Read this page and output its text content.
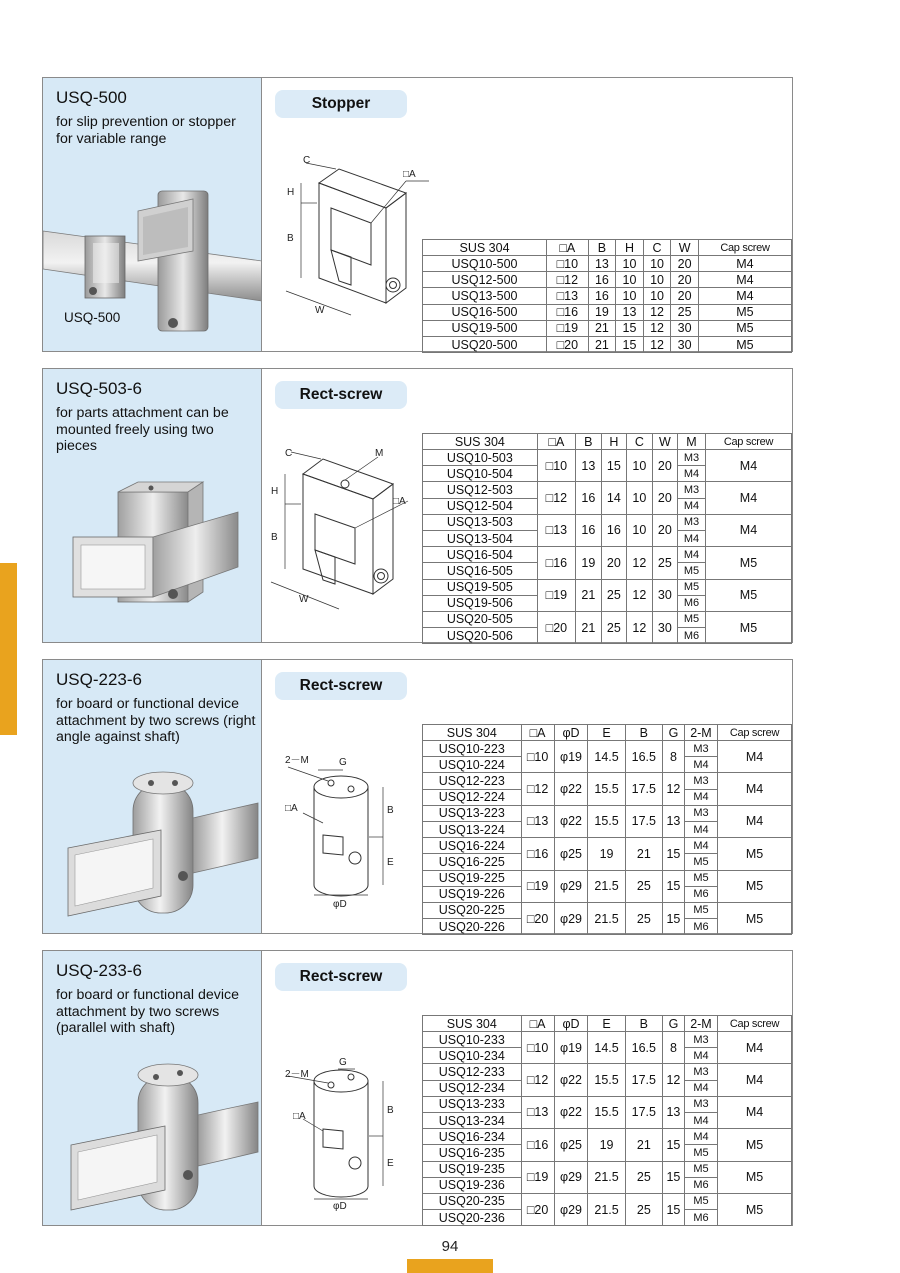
USQ-500
for slip prevention or stopper for variable range
USQ-500
Stopper
C
H
B
□A
W
SUS 304	□A	B	H	C	W	Cap screw
USQ10-500	□10	13	10	10	20	M4
USQ12-500	□12	16	10	10	20	M4
USQ13-500	□13	16	10	10	20	M4
USQ16-500	□16	19	13	12	25	M5
USQ19-500	□19	21	15	12	30	M5
USQ20-500	□20	21	15	12	30	M5
USQ-503-6
for parts attachment can be mounted freely using two pieces
Rect-screw
C	M
H
□A
B
W
SUS 304	□A	B	H	C	W	M	Cap screw
USQ10-503	□10	13	15	10	20	M3	M4
USQ10-504						M4	
USQ12-503	□12	16	14	10	20	M3	M4
USQ12-504						M4	
USQ13-503	□13	16	16	10	20	M3	M4
USQ13-504						M4	
USQ16-504	□16	19	20	12	25	M4	M5
USQ16-505						M5	
USQ19-505	□19	21	25	12	30	M5	M5
USQ19-506						M6	
USQ20-505	□20	21	25	12	30	M5	M5
USQ20-506						M6	
USQ-223-6
for board or functional device attachment by two screws (right angle against shaft)
Rect-screw
2－M	G
□A	B
E
φD
SUS 304	□A	φD	E	B	G	2-M	Cap screw
USQ10-223	□10	φ19	14.5	16.5	8	M3	M4
USQ10-224						M4	
USQ12-223	□12	φ22	15.5	17.5	12	M3	M4
USQ12-224						M4	
USQ13-223	□13	φ22	15.5	17.5	13	M3	M4
USQ13-224						M4	
USQ16-224	□16	φ25	19	21	15	M4	M5
USQ16-225						M5	
USQ19-225	□19	φ29	21.5	25	15	M5	M5
USQ19-226						M6	
USQ20-225	□20	φ29	21.5	25	15	M5	M5
USQ20-226						M6	
USQ-233-6
for board or functional device attachment by two screws (parallel with shaft)
Rect-screw
2－M
G
□A
B
E
φD
SUS 304	□A	φD	E	B	G	2-M	Cap screw
USQ10-233	□10	φ19	14.5	16.5	8	M3	M4
USQ10-234						M4	
USQ12-233	□12	φ22	15.5	17.5	12	M3	M4
USQ12-234						M4	
USQ13-233	□13	φ22	15.5	17.5	13	M3	M4
USQ13-234						M4	
USQ16-234	□16	φ25	19	21	15	M4	M5
USQ16-235						M5	
USQ19-235	□19	φ29	21.5	25	15	M5	M5
USQ19-236						M6	
USQ20-235	□20	φ29	21.5	25	15	M5	M5
USQ20-236						M6	
94
